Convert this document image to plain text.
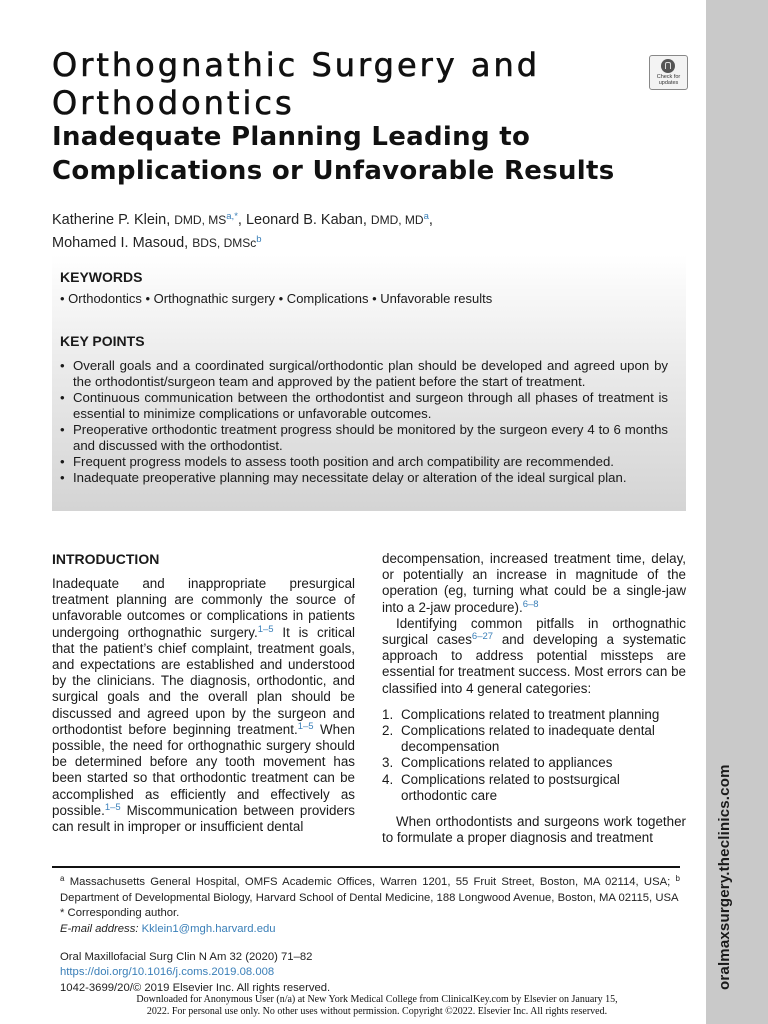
oralmaxsurgery.theclinics.com
Check for updates
Orthognathic Surgery and
Orthodontics
Inadequate Planning Leading to
Complications or Unfavorable Results
Katherine P. Klein, DMD, $MS^{a,*}$, Leonard B. Kaban, DMD, $MD^a$,
Mohamed I. Masoud, BDS, DMSc$^b$
KEYWORDS
• Orthodontics • Orthognathic surgery • Complications • Unfavorable results
KEY POINTS
• Overall goals and a coordinated surgical/orthodontic plan should be developed and agreed upon by the orthodontist/surgeon team and approved by the patient before the start of treatment.
• Continuous communication between the orthodontist and surgeon through all phases of treatment is essential to minimize complications or unfavorable outcomes.
• Preoperative orthodontic treatment progress should be monitored by the surgeon every 4 to 6 months and discussed with the orthodontist.
• Frequent progress models to assess tooth position and arch compatibility are recommended.
• Inadequate preoperative planning may necessitate delay or alteration of the ideal surgical plan.
INTRODUCTION

Inadequate and inappropriate presurgical treatment planning are commonly the source of unfavorable outcomes or complications in patients undergoing orthognathic surgery.$^{1-5}$ It is critical that the patient’s chief complaint, treatment goals, and expectations are established and understood by the clinicians. The diagnosis, orthodontic, and surgical goals and the overall plan should be discussed and agreed upon by the surgeon and orthodontist before beginning treatment.$^{1-5}$ When possible, the need for orthognathic surgery should be determined before any tooth movement has been started so that orthodontic treatment can be accomplished as efficiently and effectively as possible.$^{1-5}$ Miscommunication between providers can result in improper or insufficient dental

decompensation, increased treatment time, delay, or potentially an increase in magnitude of the operation (eg, turning what could be a single-jaw into a 2-jaw procedure).$^{6-8}$

Identifying common pitfalls in orthognathic surgical cases$^{6-27}$ and developing a systematic approach to address potential missteps are essential for treatment success. Most errors can be classified into 4 general categories:

1. Complications related to treatment planning
2. Complications related to inadequate dental decompensation
3. Complications related to appliances
4. Complications related to postsurgical orthodontic care

When orthodontists and surgeons work together to formulate a proper diagnosis and treatment

$^a$ Massachusetts General Hospital, OMFS Academic Offices, Warren 1201, 55 Fruit Street, Boston, MA 02114, USA; $^b$ Department of Developmental Biology, Harvard School of Dental Medicine, 188 Longwood Avenue, Boston, MA 02115, USA
* Corresponding author.
E-mail address: Kklein1@mgh.harvard.edu
Oral Maxillofacial Surg Clin N Am 32 (2020) 71–82
https://doi.org/10.1016/j.coms.2019.08.008
1042-3699/20/© 2019 Elsevier Inc. All rights reserved.
Downloaded for Anonymous User (n/a) at New York Medical College from ClinicalKey.com by Elsevier on January 15,
2022. For personal use only. No other uses without permission. Copyright ©2022. Elsevier Inc. All rights reserved.
